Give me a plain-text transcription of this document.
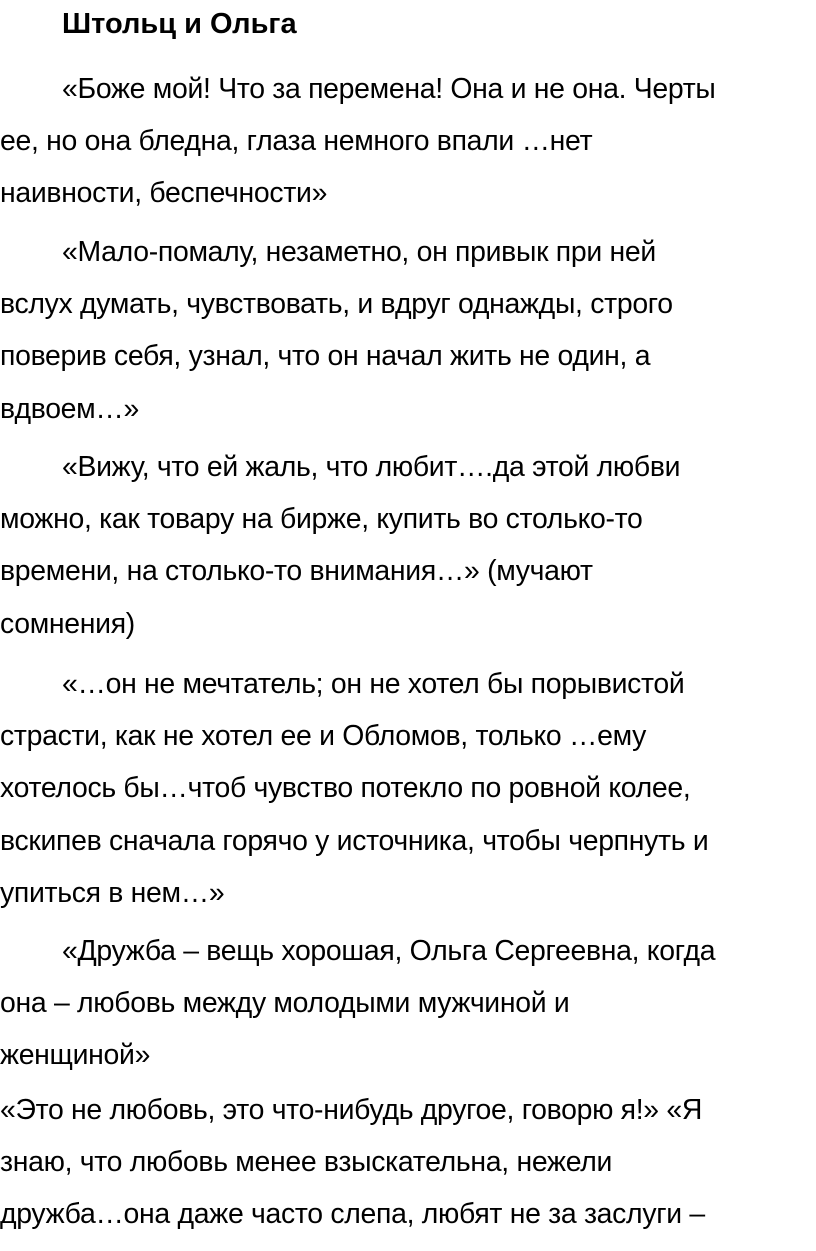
Штольц и Ольга
«Боже мой! Что за перемена! Она и не она. Черты
ее, но она бледна, глаза немного впали …нет
наивности, беспечности»
«Мало-помалу, незаметно, он привык при ней
вслух думать, чувствовать, и вдруг однажды, строго
поверив себя, узнал, что он начал жить не один, а
вдвоем…»
«Вижу, что ей жаль, что любит….да этой любви
можно, как товару на бирже, купить во столько-то
времени, на столько-то внимания…» (мучают
сомнения)
«…он не мечтатель; он не хотел бы порывистой
страсти, как не хотел ее и Обломов, только …ему
хотелось бы…чтоб чувство потекло по ровной колее,
вскипев сначала горячо у источника, чтобы черпнуть и
упиться в нем…»
«Дружба – вещь хорошая, Ольга Сергеевна, когда
она – любовь между молодыми мужчиной и
женщиной»
«Это не любовь, это что-нибудь другое, говорю я!» «Я
знаю, что любовь менее взыскательна, нежели
дружба…она даже часто слепа, любят не за заслуги –
